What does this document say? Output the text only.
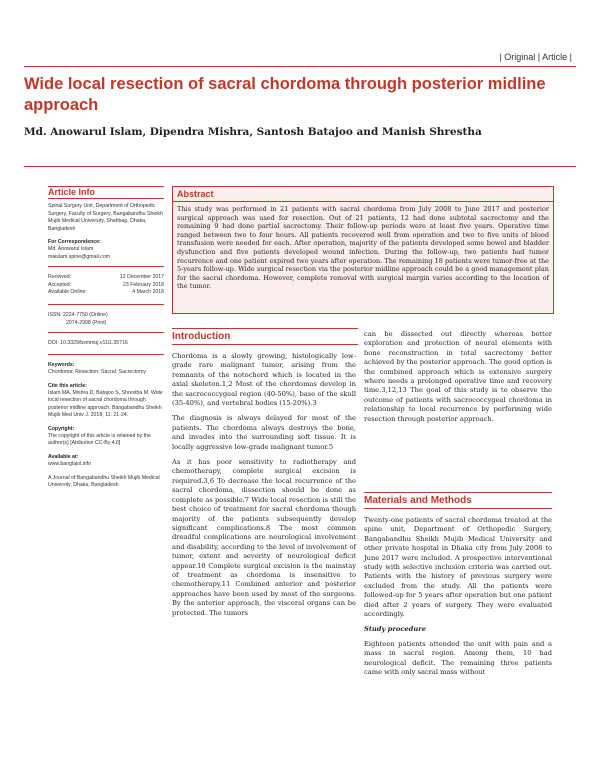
| Original | Article |
Wide local resection of sacral chordoma through posterior midline approach
Md. Anowarul Islam, Dipendra Mishra, Santosh Batajoo and Manish Shrestha
Article Info

Spinal Surgery Unit, Department of Orthopedic Surgery, Faculty of Surgery, Bangabandhu Sheikh Mujib Medical University, Shahbag, Dhaka, Bangladesh

For Correspondence:
Md. Anowarul Islam
maislam.spine@gmail.com
Received:	12 December 2017
Accepted:	23 February 2018
Available Online:	4 March 2018
ISSN: 2224-7750 (Online)
2074-2908 (Print)

DOI: 10.3329/bsmmuj.v11i1.35716

Keywords:

Chordoma; Resection; Sacral; Sacrectomy

Cite this article:

Islam MA, Mishra D, Batajoo S, Shrestha M. Wide local resection of sacral chordoma through posterior midline approach. Bangabandhu Sheikh Mujib Med Univ J. 2018; 11: 21-24.

Copyright:

The copyright of this article is retained by the author(s) [Atribution CC-By 4.0]

Available at:

www.banglajol.info

A Journal of Bangabandhu Sheikh Mujib Medical University, Dhaka, Bangladesh

Abstract

This study was performed in 21 patients with sacral chordoma from July 2008 to June 2017 and posterior surgical approach was used for resection. Out of 21 patients, 12 had done subtotal sacrectomy and the remaining 9 had done partial sacrectomy. Their follow-up periods were at least five years. Operative time ranged between two to four hours. All patients recovered well from operation and two to five units of blood transfusion were needed for each. After operation, majority of the patients developed some bowel and bladder dysfunction and five patients developed wound infection. During the follow-up, two patients had tumor recurrence and one patient expired two years after operation. The remaining 18 patients were tumor-free at the 5-years follow-up. Wide surgical resection via the posterior midline approach could be a good management plan for the sacral chordoma. However, complete removal with surgical margin varies according to the location of the tumor.

Introduction

Chordoma is a slowly growing, histologically low-grade rare malignant tumor, arising from the remnants of the notochord which is located in the axial skeleton.1,2 Most of the chordomas develop in the sacrococcygeal region (40-50%), base of the skull (35-40%), and vertebral bodies (15-20%).3

The diagnosis is always delayed for most of the patients. The chordoma always destroys the bone, and invades into the surrounding soft tissue. It is locally aggressive low-grade malignant tumor.5

As it has poor sensitivity to radiotherapy and chemotherapy, complete surgical excision is required.3,6 To decrease the local recurrence of the sacral chordoma, dissection should be done as complete as possible.7 Wide local resection is still the best choice of treatment for sacral chordoma though majority of the patients subsequently develop significant complications.8 The most common dreadful complications are neurological involvement and disability, according to the level of involvement of tumor, extent and severity of neurological deficit appear.10 Complete surgical excision is the mainstay of treatment as chordoma is insensitive to chemotherapy.11 Combined anterior and posterior approaches have been used by most of the surgeons. By the anterior approach, the visceral organs can be protected. The tumors

can be dissected out directly whereas better exploration and protection of neural elements with bone reconstruction in total sacrectomy better achieved by the posterior approach. The good option is the combined approach which is extensive surgery where needs a prolonged operative time and recovery time.3,12,13 The goal of this study is to observe the outcome of patients with sacrococcygeal chordoma in relationship to local recurrence by performing wide resection through posterior approach.

Materials and Methods

Twenty-one patients of sacral chordoma treated at the spine unit, Department of Orthopedic Surgery, Bangabandhu Sheikh Mujib Medical University and other private hospital in Dhaka city from July 2008 to June 2017 were included. A prospective interventional study with selective inclusion criteria was carried out. Patients with the history of previous surgery were excluded from the study. All the patients were followed-up for 5 years after operation but one patient died after 2 years of surgery. They were evaluated accordingly.

Study procedure

Eighteen patients attended the unit with pain and a mass in sacral region. Among them, 10 had neurological deficit. The remaining three patients came with only sacral mass without
